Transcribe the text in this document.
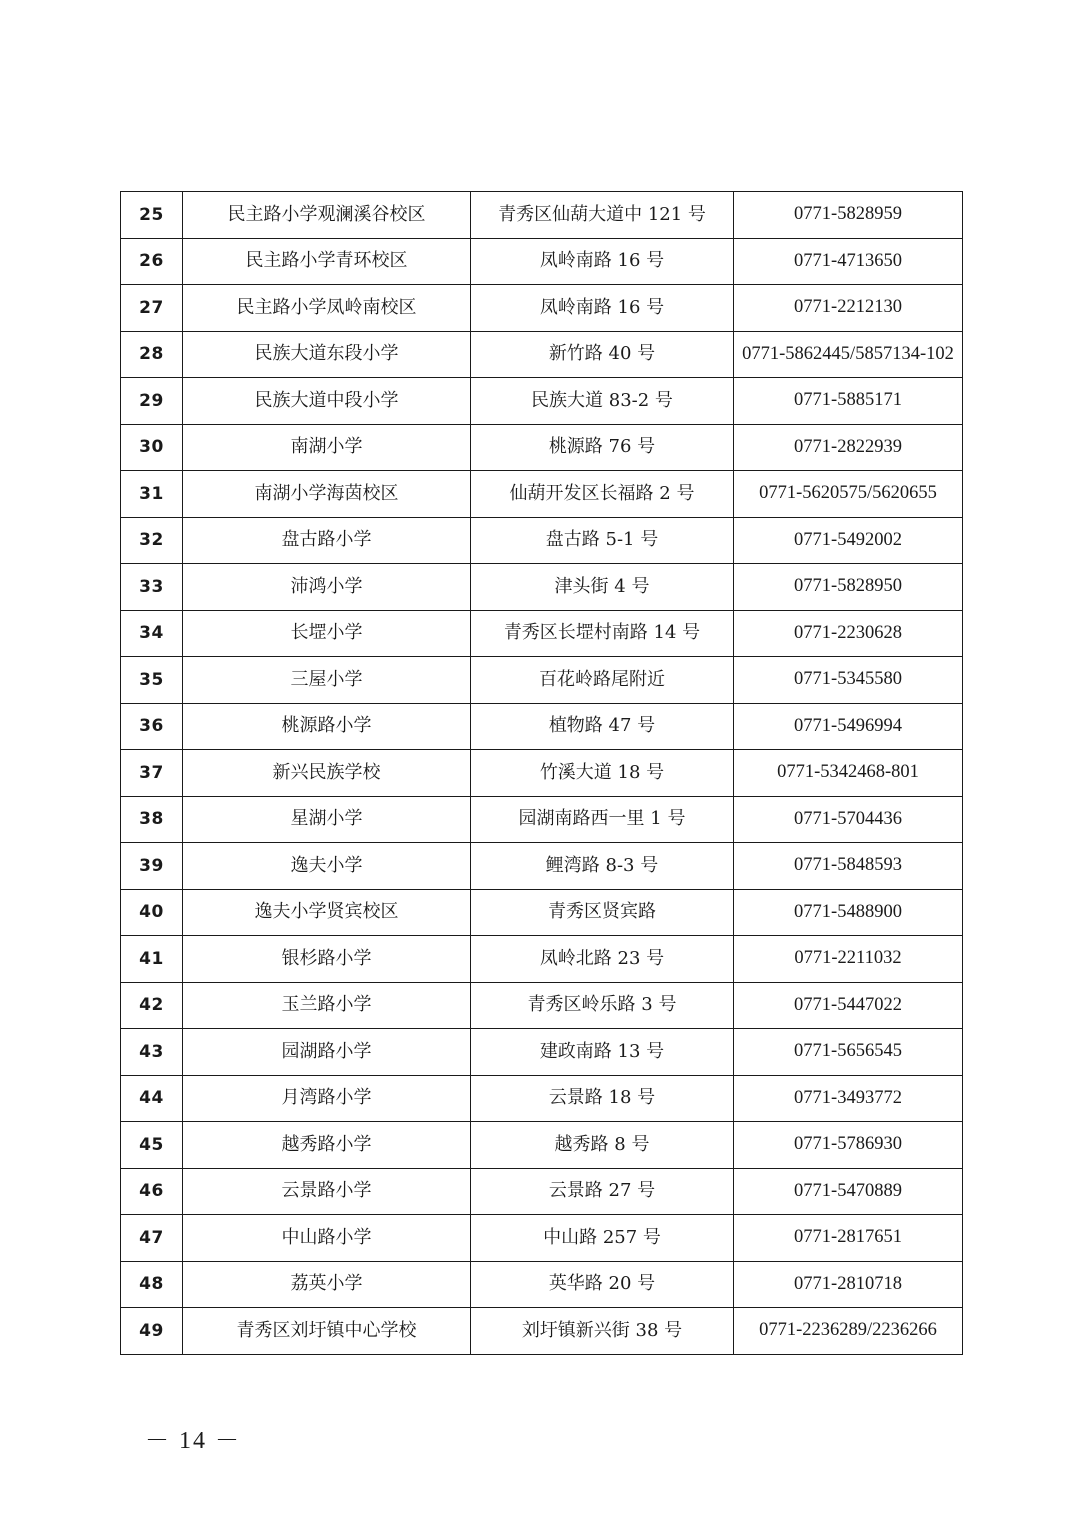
25	民主路小学观澜溪谷校区	青秀区仙葫大道中 121 号	0771-5828959
26	民主路小学青环校区	凤岭南路 16 号	0771-4713650
27	民主路小学凤岭南校区	凤岭南路 16 号	0771-2212130
28	民族大道东段小学	新竹路 40 号	0771-5862445/5857134-102
29	民族大道中段小学	民族大道 83-2 号	0771-5885171
30	南湖小学	桃源路 76 号	0771-2822939
31	南湖小学海茵校区	仙葫开发区长福路 2 号	0771-5620575/5620655
32	盘古路小学	盘古路 5-1 号	0771-5492002
33	沛鸿小学	津头街 4 号	0771-5828950
34	长堽小学	青秀区长堽村南路 14 号	0771-2230628
35	三屋小学	百花岭路尾附近	0771-5345580
36	桃源路小学	植物路 47 号	0771-5496994
37	新兴民族学校	竹溪大道 18 号	0771-5342468-801
38	星湖小学	园湖南路西一里 1 号	0771-5704436
39	逸夫小学	鲤湾路 8-3 号	0771-5848593
40	逸夫小学贤宾校区	青秀区贤宾路	0771-5488900
41	银杉路小学	凤岭北路 23 号	0771-2211032
42	玉兰路小学	青秀区岭乐路 3 号	0771-5447022
43	园湖路小学	建政南路 13 号	0771-5656545
44	月湾路小学	云景路 18 号	0771-3493772
45	越秀路小学	越秀路 8 号	0771-5786930
46	云景路小学	云景路 27 号	0771-5470889
47	中山路小学	中山路 257 号	0771-2817651
48	荔英小学	英华路 20 号	0771-2810718
49	青秀区刘圩镇中心学校	刘圩镇新兴街 38 号	0771-2236289/2236266
－ 14 －
